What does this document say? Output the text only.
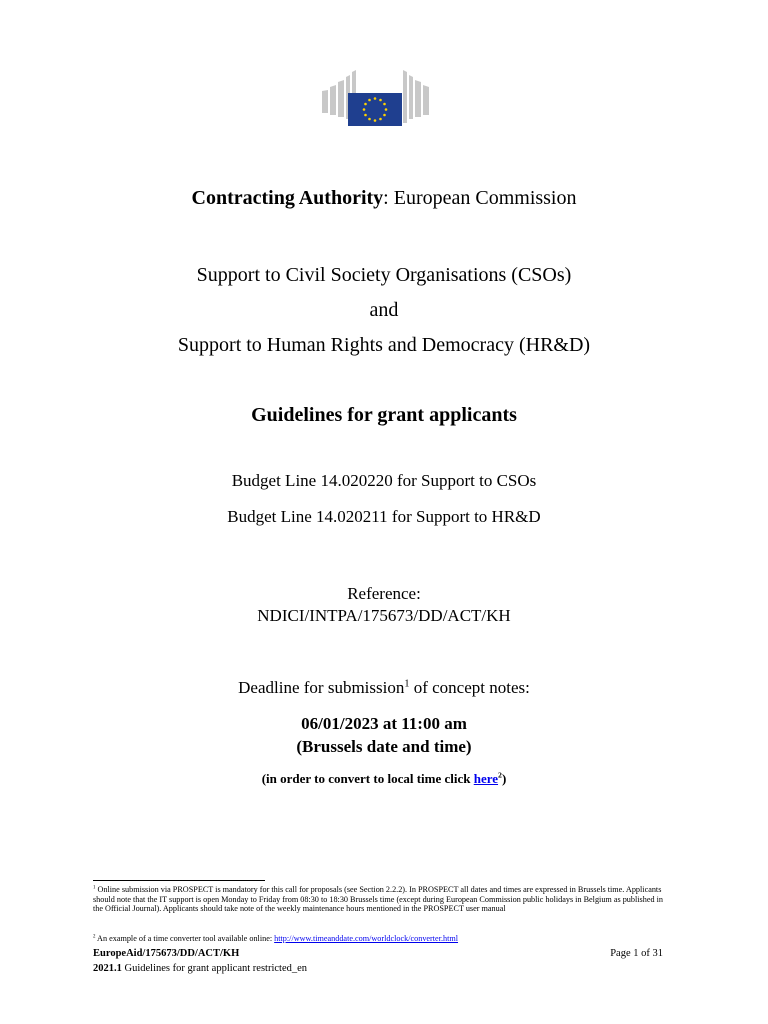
Contracting Authority: European Commission
Support to Civil Society Organisations (CSOs)
and
Support to Human Rights and Democracy (HR&D)
Guidelines for grant applicants
Budget Line 14.020220 for Support to CSOs
Budget Line 14.020211 for Support to HR&D
Reference:
NDICI/INTPA/175673/DD/ACT/KH
Deadline for submission$^1$ of concept notes:
06/01/2023 at 11:00 am
(Brussels date and time)
(in order to convert to local time click here$^2$)
$^1$ Online submission via PROSPECT is mandatory for this call for proposals (see Section 2.2.2). In PROSPECT all dates and times are expressed in Brussels time. Applicants should note that the IT support is open Monday to Friday from 08:30 to 18:30 Brussels time (except during European Commission public holidays in Belgium as published in the Official Journal). Applicants should take note of the weekly maintenance hours mentioned in the PROSPECT user manual
$^2$ An example of a time converter tool available online: http://www.timeanddate.com/worldclock/converter.html
EuropeAid/175673/DD/ACT/KH	Page 1 of 31
2021.1 Guidelines for grant applicant restricted_en
